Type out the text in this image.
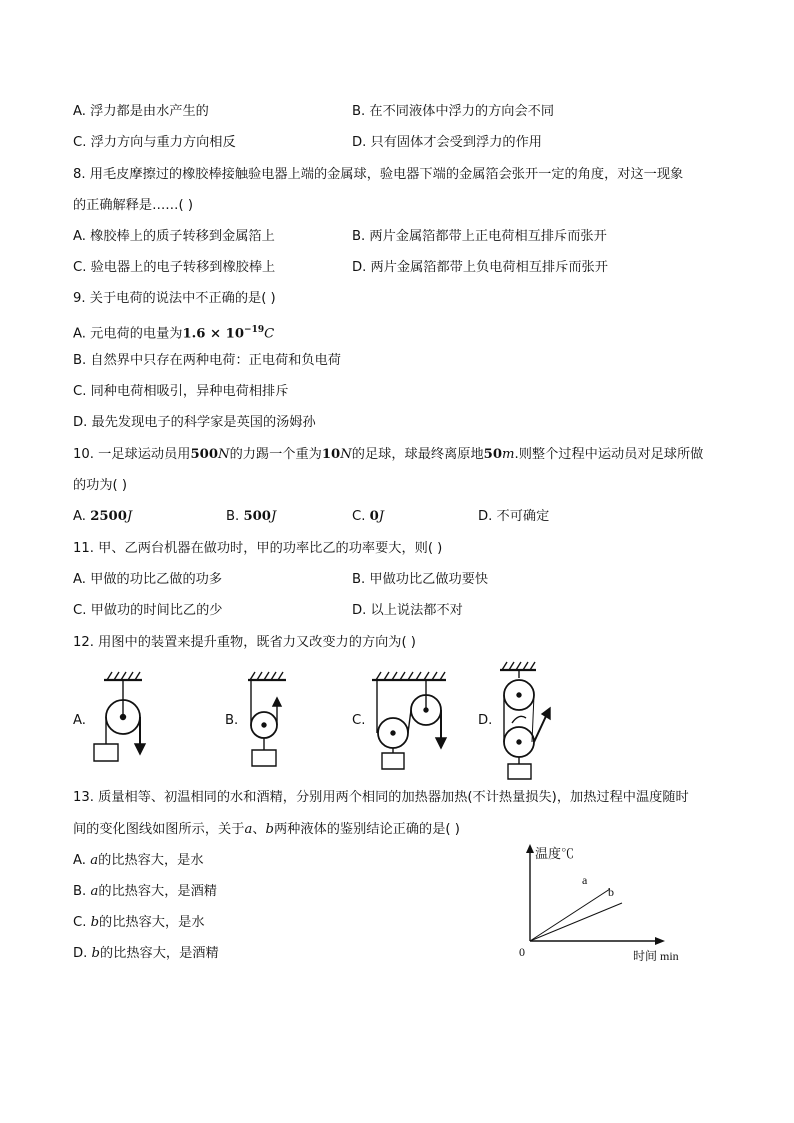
A. 浮力都是由水产生的	B. 在不同液体中浮力的方向会不同
C. 浮力方向与重力方向相反	D. 只有固体才会受到浮力的作用
8. 用毛皮摩擦过的橡胶棒接触验电器上端的金属球，验电器下端的金属箔会张开一定的角度，对这一现象
的正确解释是……( )
A. 橡胶棒上的质子转移到金属箔上	B. 两片金属箔都带上正电荷相互排斥而张开
C. 验电器上的电子转移到橡胶棒上	D. 两片金属箔都带上负电荷相互排斥而张开
9. 关于电荷的说法中不正确的是( )
A. 元电荷的电量为$1.6 \times 10^{-19}C$
B. 自然界中只存在两种电荷：正电荷和负电荷
C. 同种电荷相吸引，异种电荷相排斥
D. 最先发现电子的科学家是英国的汤姆孙
10. 一足球运动员用500N的力踢一个重为10N的足球，球最终离原地50m.则整个过程中运动员对足球所做
的功为( )
A. 2500J	B. 500J	C. 0J	D. 不可确定
11. 甲、乙两台机器在做功时，甲的功率比乙的功率要大，则( )
A. 甲做的功比乙做的功多	B. 甲做功比乙做功要快
C. 甲做功的时间比乙的少	D. 以上说法都不对
12. 用图中的装置来提升重物，既省力又改变力的方向为( )
A.	B.	C.	D.
13. 质量相等、初温相同的水和酒精，分别用两个相同的加热器加热(不计热量损失)，加热过程中温度随时
间的变化图线如图所示，关于a、b两种液体的鉴别结论正确的是( )
A. a的比热容大，是水
B. a的比热容大，是酒精
C. b的比热容大，是水
D. b的比热容大，是酒精
温度℃
时间 min
0
a
b
